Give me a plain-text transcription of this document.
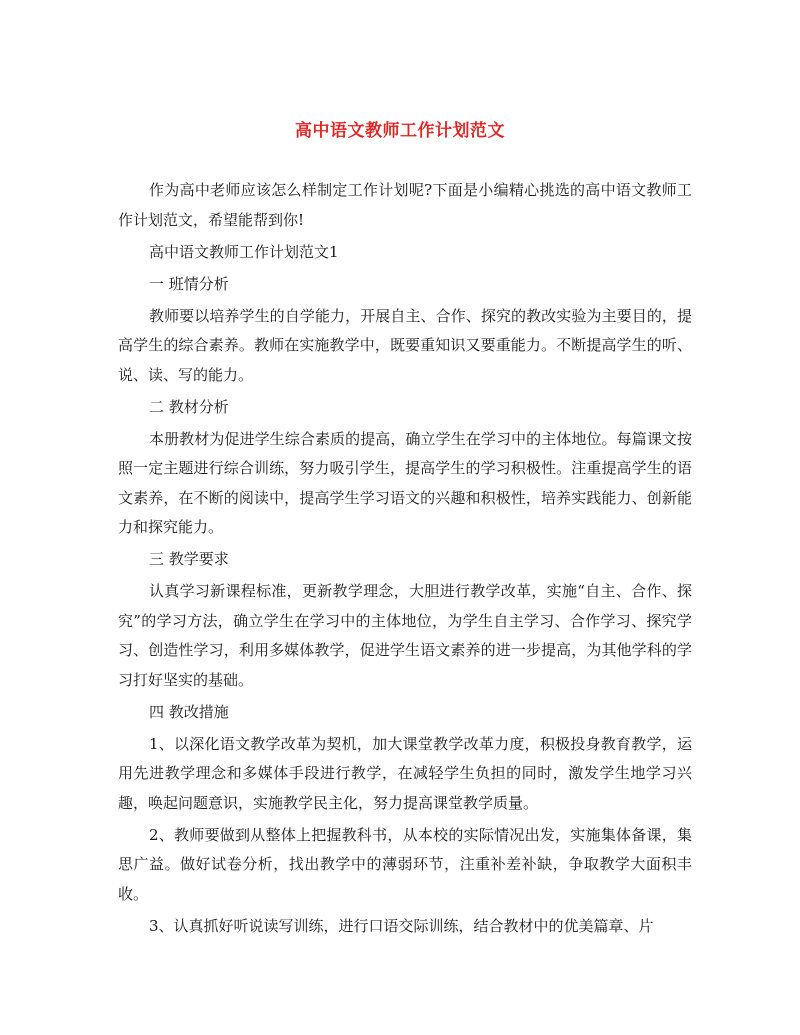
高中语文教师工作计划范文

作为高中老师应该怎么样制定工作计划呢?下面是小编精心挑选的高中语文教师工作计划范文，希望能帮到你!

高中语文教师工作计划范文1

一 班情分析

教师要以培养学生的自学能力，开展自主、合作、探究的教改实验为主要目的，提高学生的综合素养。教师在实施教学中，既要重知识又要重能力。不断提高学生的听、说、读、写的能力。

二 教材分析

本册教材为促进学生综合素质的提高，确立学生在学习中的主体地位。每篇课文按照一定主题进行综合训练，努力吸引学生，提高学生的学习积极性。注重提高学生的语文素养，在不断的阅读中，提高学生学习语文的兴趣和积极性，培养实践能力、创新能力和探究能力。

三 教学要求

认真学习新课程标准，更新教学理念，大胆进行教学改革，实施“自主、合作、探究”的学习方法，确立学生在学习中的主体地位，为学生自主学习、合作学习、探究学习、创造性学习，利用多媒体教学，促进学生语文素养的进一步提高，为其他学科的学习打好坚实的基础。

四 教改措施

1、以深化语文教学改革为契机，加大课堂教学改革力度，积极投身教育教学，运用先进教学理念和多媒体手段进行教学，在减轻学生负担的同时，激发学生地学习兴趣，唤起问题意识，实施教学民主化，努力提高课堂教学质量。

2、教师要做到从整体上把握教科书，从本校的实际情况出发，实施集体备课，集思广益。做好试卷分析，找出教学中的薄弱环节，注重补差补缺，争取教学大面积丰收。

3、认真抓好听说读写训练，进行口语交际训练，结合教材中的优美篇章、片
